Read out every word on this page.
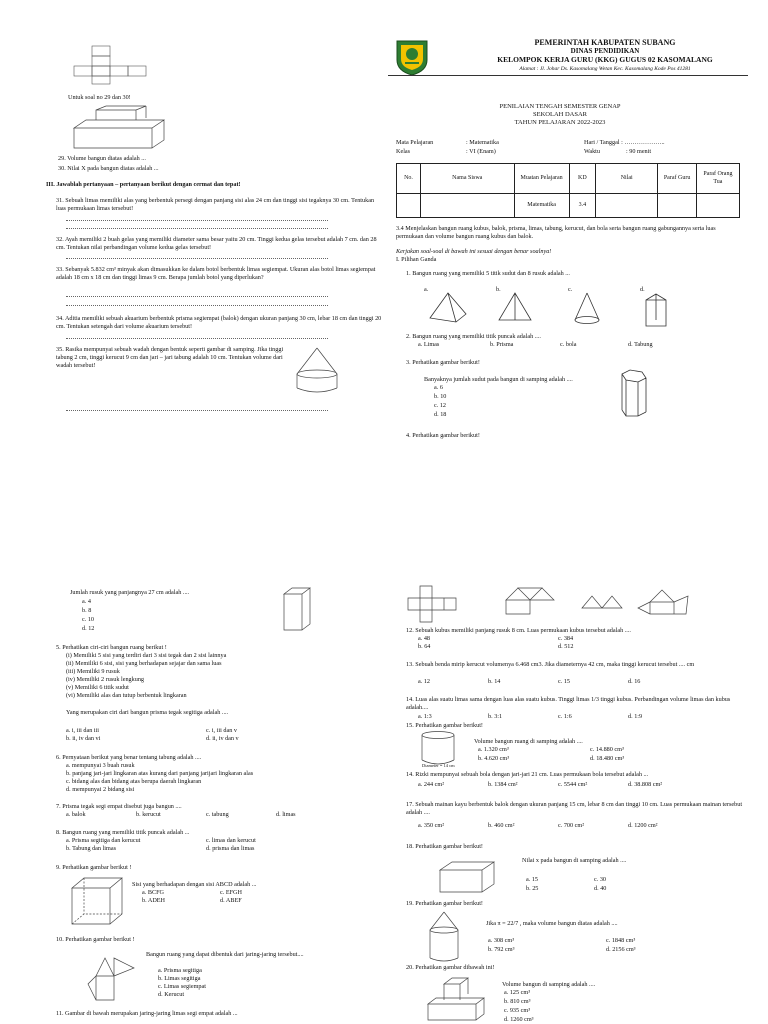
PEMERINTAH KABUPATEN SUBANG
DINAS PENDIDIKAN
KELOMPOK KERJA GURU (KKG) GUGUS 02 KASOMALANG
Alamat : Jl. Johar Ds. Kasomalang Wetan Kec. Kasomalang Kode Pos 41281
PENILAIAN TENGAH SEMESTER GENAP
SEKOLAH DASAR
TAHUN PELAJARAN 2022-2023
Mata Pelajaran	: Matematika
Kelas	: VI (Enam)
Hari / Tanggal : ………………..
Waktu	: 90 menit
No.	Nama Siswa	Muatan Pelajaran	KD	Nilai	Paraf Guru	Paraf Orang Tua
		Matematika	3.4			
3.4 Menjelaskan bangun ruang kubus, balok, prisma, limas, tabung, kerucut, dan bola serta bangun ruang gabungannya serta luas permukaan dan volume bangun ruang kubus dan balok.
Kerjakan soal-soal di bawah ini sesuai dengan benar soalnya!
I. Pilihan Ganda
1. Bangun ruang yang memiliki 5 titik sudut dan 8 rusuk adalah ...
a.	b.	c.	d.
2. Bangun ruang yang memiliki titik puncak adalah ....
a. Limas	b. Prisma	c. bola	d. Tabung
3. Perhatikan gambar berikut!
Banyaknya jumlah sudut pada bangun di samping adalah ....
a. 6
b. 10
c. 12
d. 18
4. Perhatikan gambar berikut!
Untuk soal no 29 dan 30!
29. Volume bangun diatas adalah ...
30. Nilai X pada bangun diatas adalah ...
III. Jawablah pertanyaan – pertanyaan berikut dengan cermat dan tepat!
31. Sebuah limas memiliki alas yang berbentuk persegi dengan panjang sisi alas 24 cm dan tinggi sisi tegaknya 30 cm. Tentukan luas permukaan limas tersebut!
32. Ayah memiliki 2 buah gelas yang memiliki diameter sama besar yaitu 20 cm. Tinggi kedua gelas tersebut adalah 7 cm. dan 28 cm. Tentukan nilai perbandingan volume kedua gelas tersebut!
33. Sebanyak 5.832 cm³ minyak akan dimasukkan ke dalam botol berbentuk limas segiempat. Ukuran alas botol limas segiempat adalah 18 cm x 18 cm dan tinggi limas 9 cm. Berapa jumlah botol yang diperlukan?
34. Aditia memiliki sebuah akuarium berbentuk prisma segiempat (balok) dengan ukuran panjang 30 cm, lebar 18 cm dan tinggi 20 cm. Tentukan setengah dari volume akuarium tersebut!
35. Rasika mempunyai sebuah wadah dengan bentuk seperti gambar di samping. Jika tinggi tabung 2 cm, tinggi kerucut 9 cm dan jari – jari tabung adalah 10 cm. Tentukan volume dari wadah tersebut!
Jumlah rusuk yang panjangnya 27 cm adalah ....
a. 4
b. 8
c. 10
d. 12
5. Perhatikan ciri-ciri bangun ruang berikut !
(i) Memiliki 5 sisi yang terdiri dari 3 sisi tegak dan 2 sisi lainnya
(ii) Memiliki 6 sisi, sisi yang berhadapan sejajar dan sama luas
(iii) Memiliki 9 rusuk
(iv) Memiliki 2 rusuk lengkung
(v) Memiliki 6 titik sudut
(vi) Memiliki alas dan tutup berbentuk lingkaran
Yang merupakan ciri dari bangun prisma tegak segitiga adalah ....
a. i, iii dan iii	c. i, iii dan v
b. ii, iv dan vi	d. ii, iv dan v
6. Pernyataan berikut yang benar tentang tabung adalah ....
a. mempunyai 3 buah rusuk
b. panjang jari-jari lingkaran atas kurang dari panjang jarijari lingkaran alas
c. bidang alas dan bidang atas berupa daerah lingkaran
d. mempunyai 2 bidang sisi
7. Prisma tegak segi empat disebut juga bangun ....
a. balok	b. kerucut	c. tabung	d. limas
8. Bangun ruang yang memiliki titik puncak adalah ...
a. Prisma segitiga dan kerucut	c. limas dan kerucut
b. Tabung dan limas	d. prisma dan limas
9. Perhatikan gambar berikut !
Sisi yang berhadapan dengan sisi ABCD adalah ...
a. BCFG	c. EFGH
b. ADEH	d. ABEF
10. Perhatikan gambar berikut !
Bangun ruang yang dapat dibentuk dari jaring-jaring tersebut....
a. Prisma segitiga
b. Limas segitiga
c. Limas segiempat
d. Kerucut
11. Gambar di bawah merupakan jaring-jaring limas segi empat adalah ...
12. Sebuah kubus memiliki panjang rusuk 8 cm. Luas permukaan kubus tersebut adalah ....
a. 48	c. 384
b. 64	d. 512
13. Sebuah benda mirip kerucut volumenya 6.468 cm3. Jika diameternya 42 cm, maka tinggi kerucut tersebut .... cm
a. 12	b. 14	c. 15	d. 16
14. Luas alas suatu limas sama dengan luas alas suatu kubus. Tinggi limas 1/3 tinggi kubus. Perbandingan volume limas dan kubus adalah....
a. 1:3	b. 3:1	c. 1:6	d. 1:9
15. Perhatikan gambar berikut!
Diameter = 14 cm
Volume bangun ruang di samping adalah ....
a. 1.320 cm³	c. 14.880 cm³
b. 4.620 cm³	d. 18.480 cm³
14. Rizki mempunyai sebuah bola dengan jari-jari 21 cm. Luas permukaan bola tersebut adalah ...
a. 244 cm²	b. 1384 cm²	c. 5544 cm²	d. 38.808 cm²
17. Sebuah mainan kayu berbentuk balok dengan ukuran panjang 15 cm, lebar 8 cm dan tinggi 10 cm. Luas permukaan mainan tersebut adalah ....
a. 350 cm²	b. 460 cm²	c. 700 cm²	d. 1200 cm²
18. Perhatikan gambar berikut!
Nilai x pada bangun di samping adalah ....
a. 15	c. 30
b. 25	d. 40
19. Perhatikan gambar berikut!
Jika π = 22/7 , maka volume bangun diatas adalah ....
a. 308 cm³	c. 1848 cm³
b. 792 cm³	d. 2156 cm³
20. Perhatikan gambar dibawah ini!
Volume bangun di samping adalah ....
a. 125 cm³
b. 810 cm³
c. 935 cm³
d. 1260 cm³
